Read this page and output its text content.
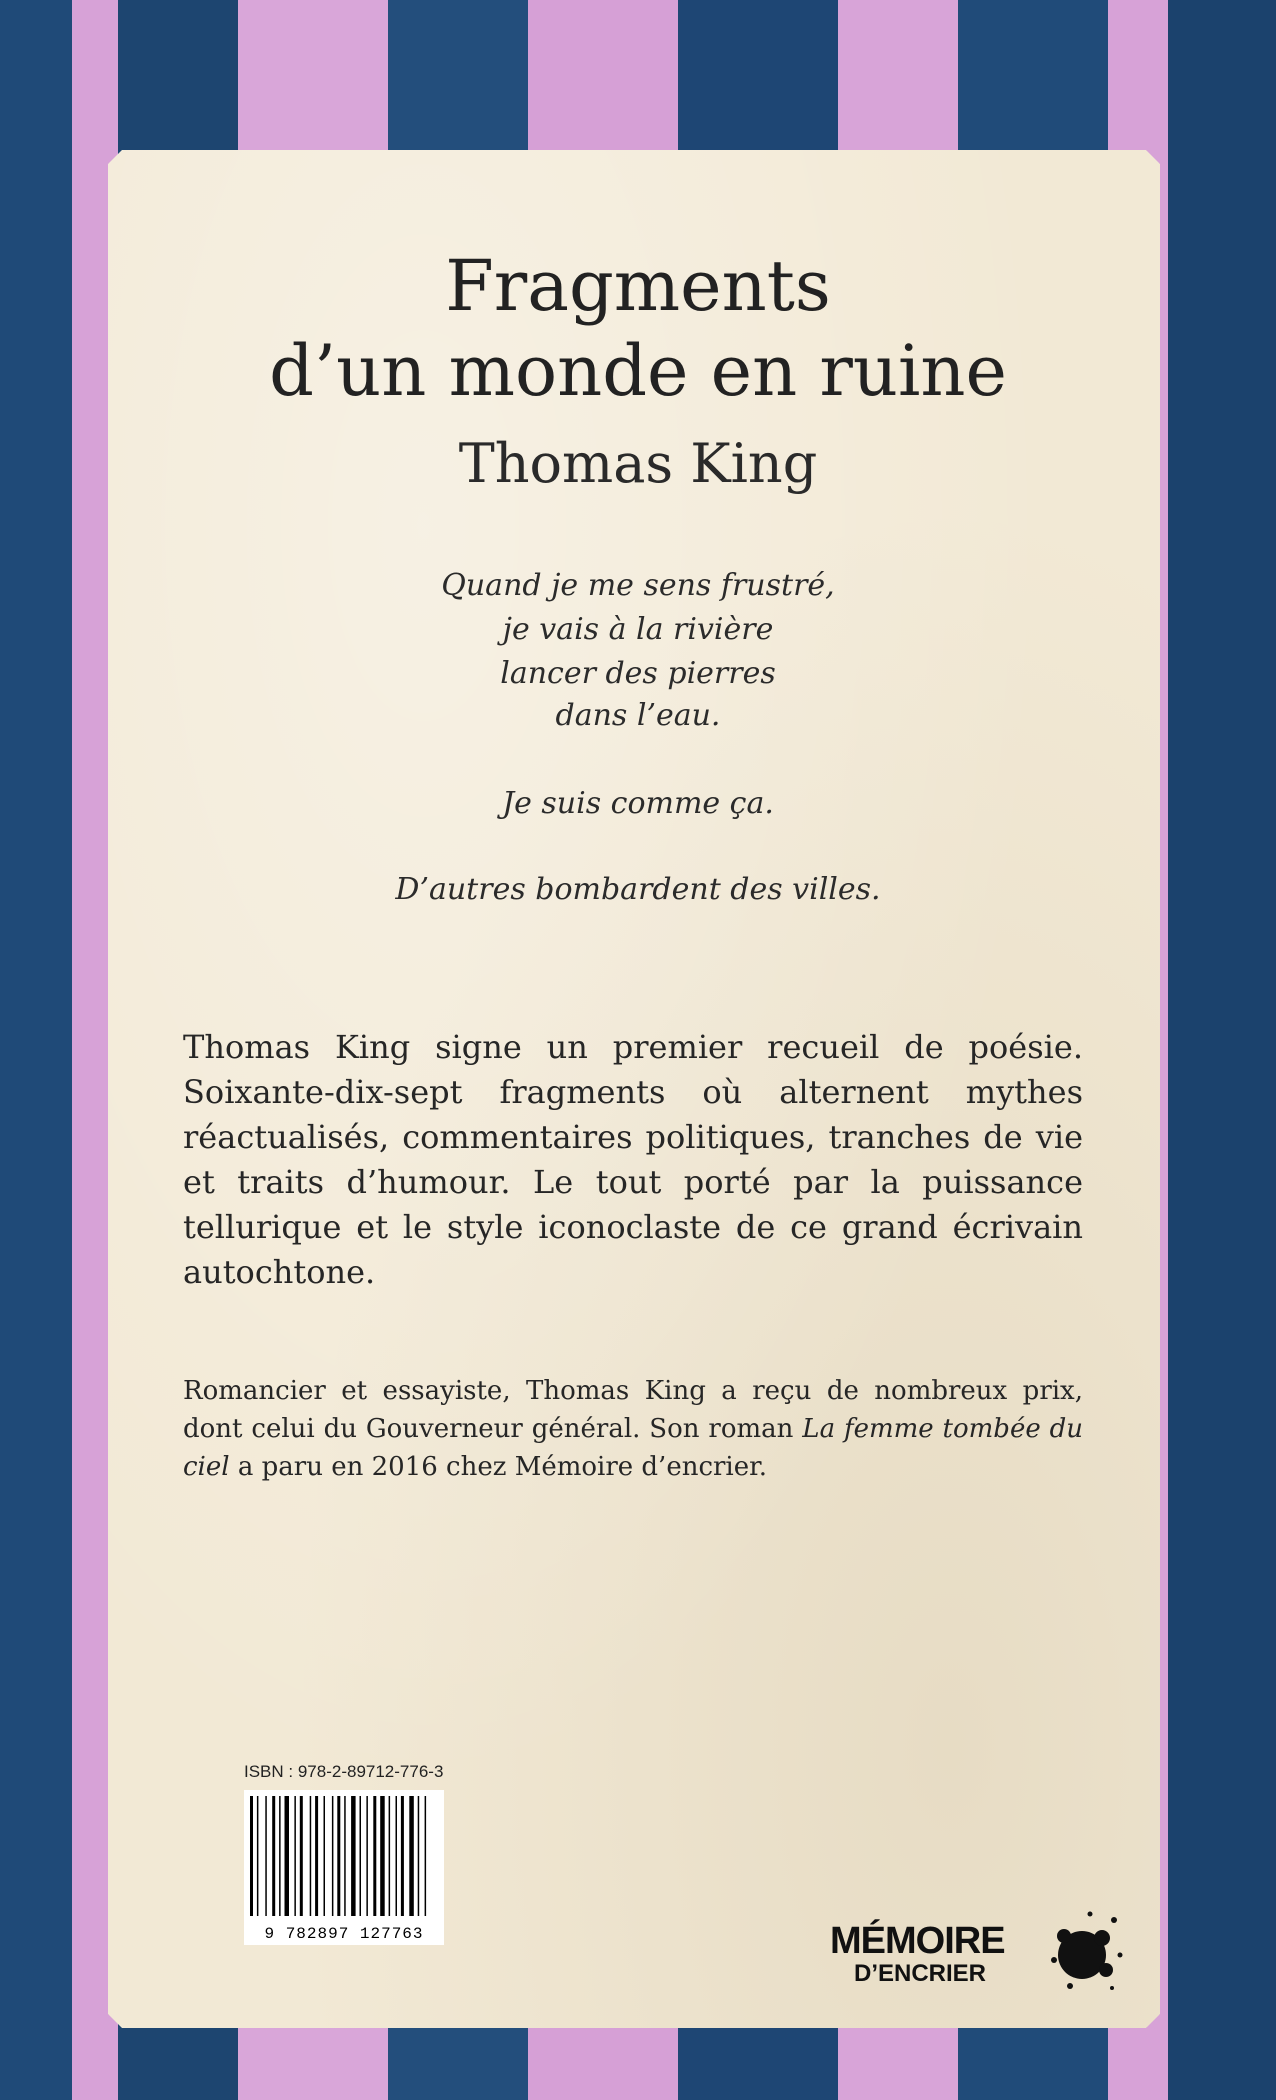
Fragments
d’un monde en ruine
Thomas King
Quand je me sens frustré,
je vais à la rivière
lancer des pierres
dans l’eau.
Je suis comme ça.
D’autres bombardent des villes.

Thomas King signe un premier recueil de poésie. Soixante-dix-sept fragments où alternent mythes réactualisés, commentaires politiques, tranches de vie et traits d’humour. Le tout porté par la puissance tellurique et le style iconoclaste de ce grand écrivain autochtone.

Romancier et essayiste, Thomas King a reçu de nombreux prix, dont celui du Gouverneur général. Son roman La femme tombée du ciel a paru en 2016 chez Mémoire d’encrier.

ISBN : 978-2-89712-776-3
9 782897 127763	MÉMOIRE
D’ENCRIER
